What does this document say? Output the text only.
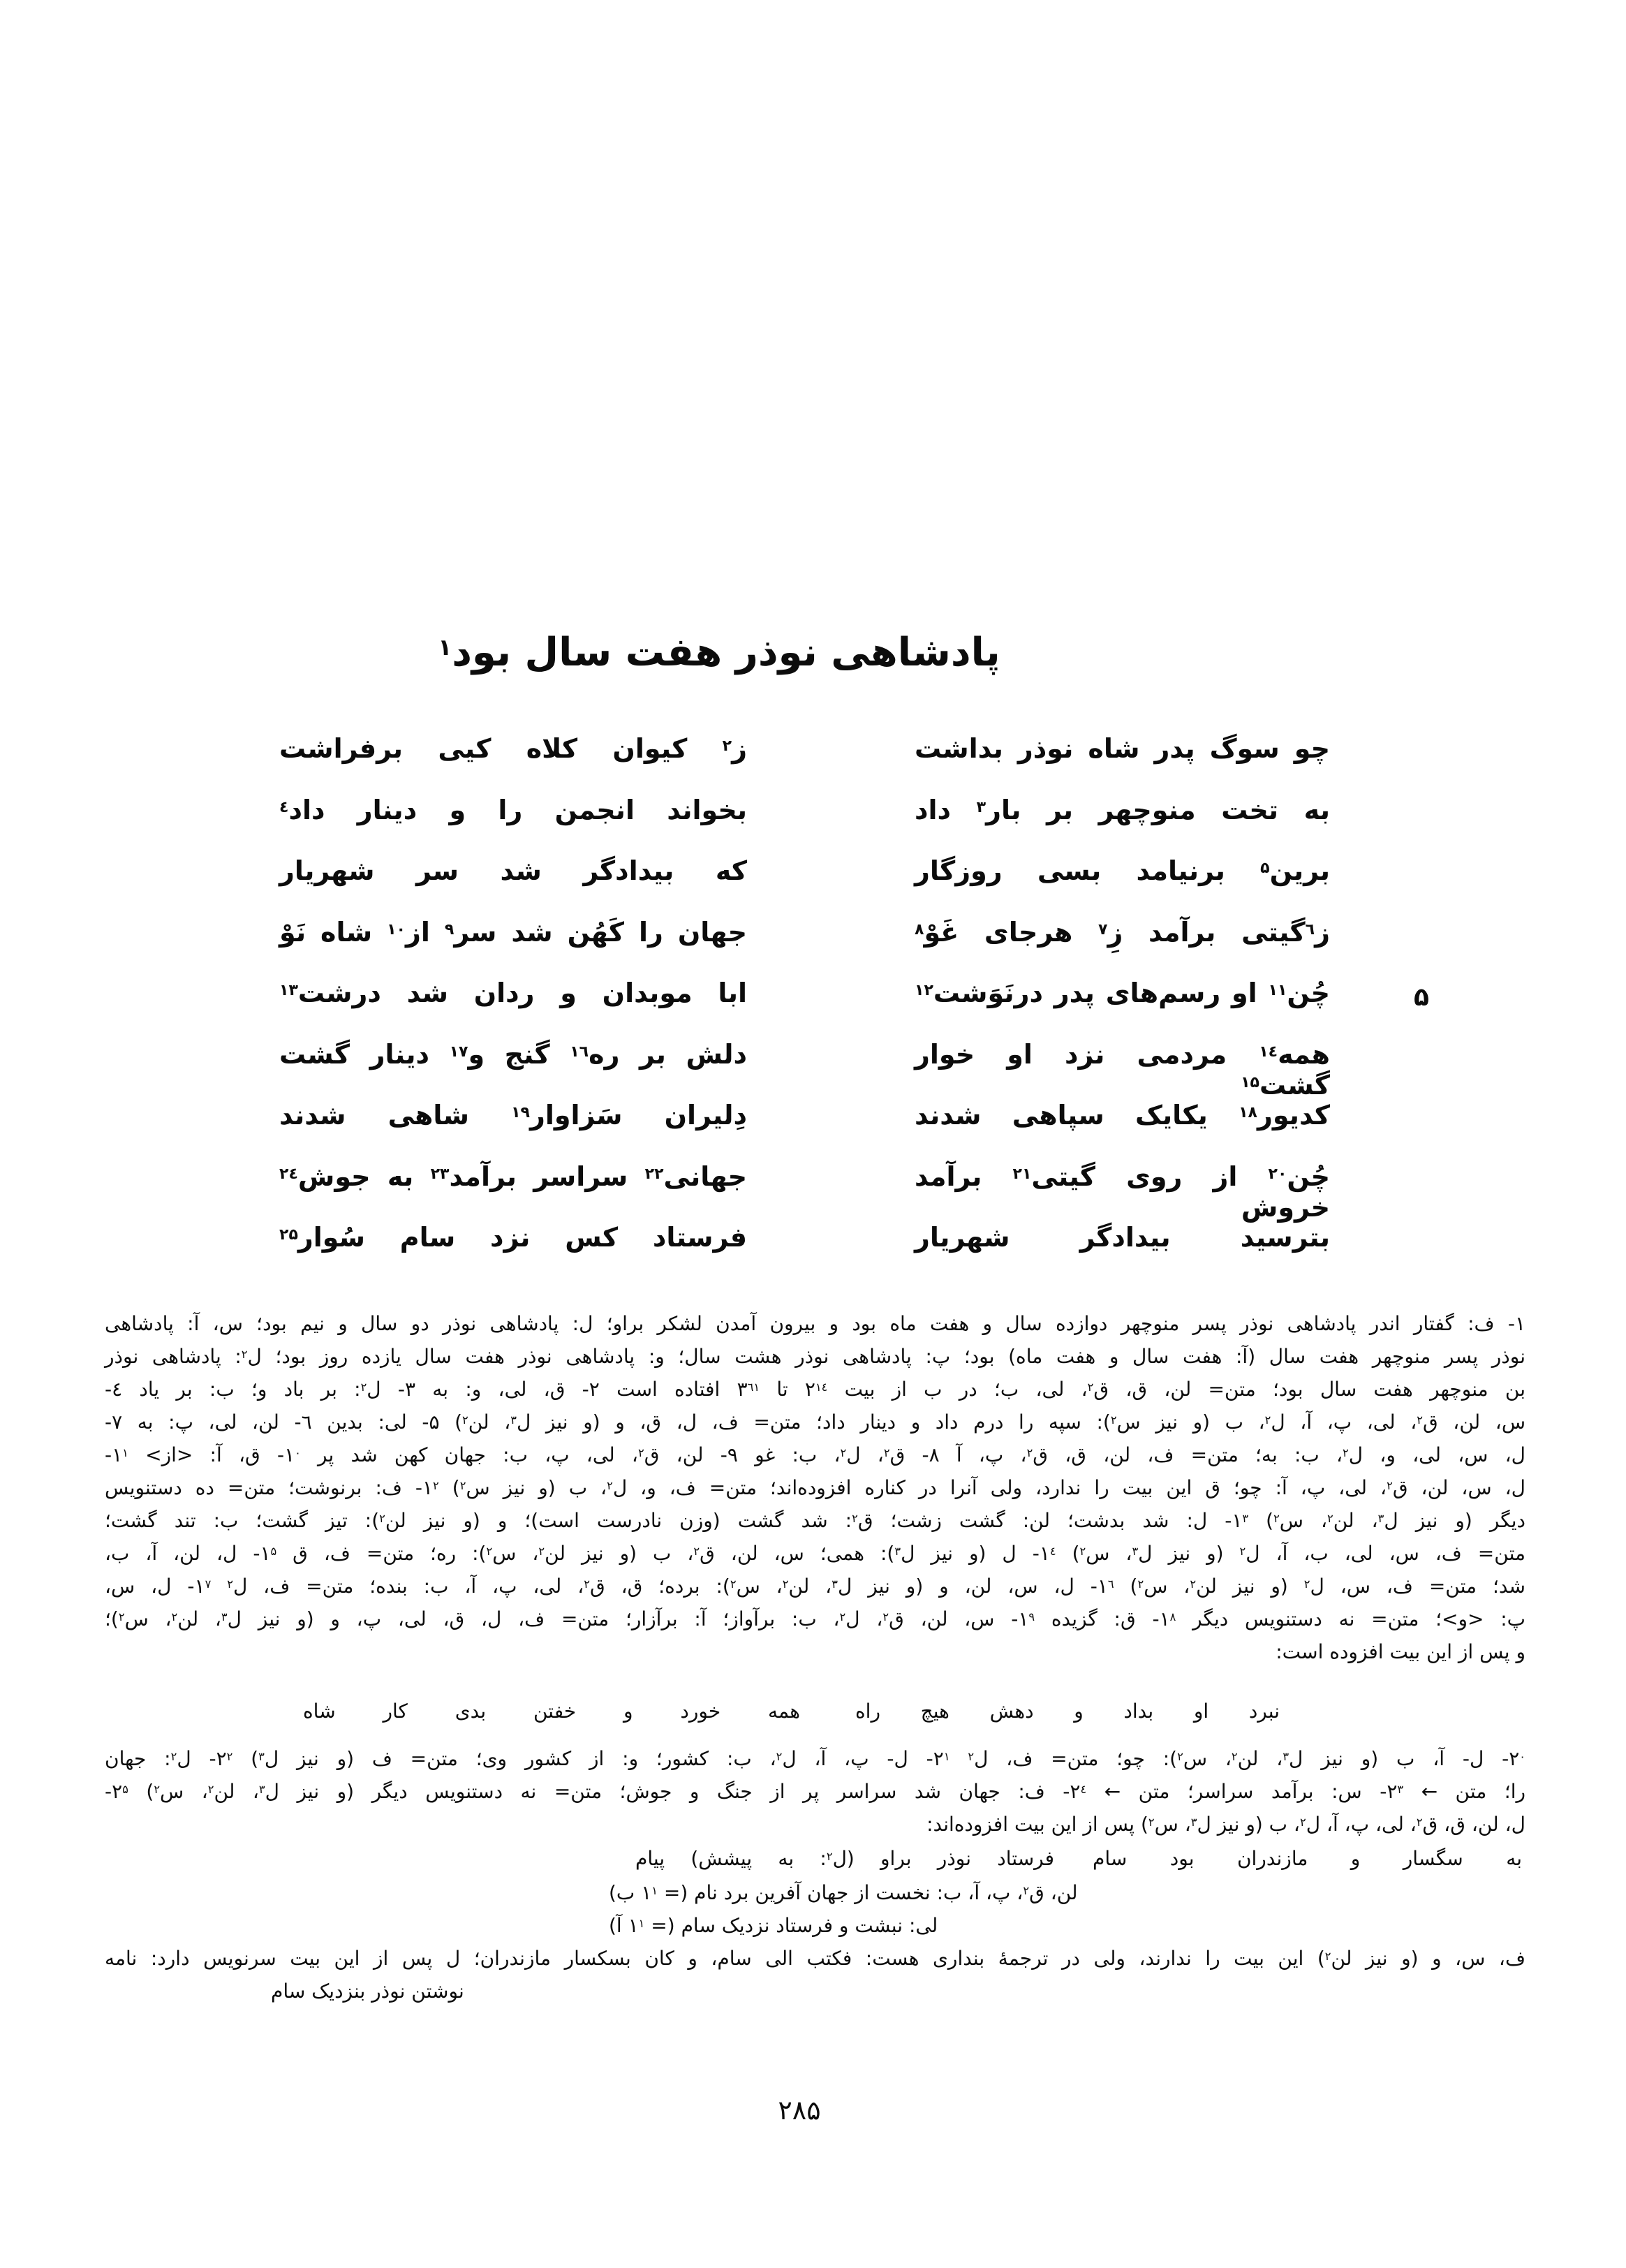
پادشاهی نوذر هفت سال بود$^۱$
۵
چو سوگ پدر شاه نوذر بداشت
ز$^۲$ کیوان کلاه کیی برفراشت
به تخت منوچهر بر بار$^۳$ داد
بخواند انجمن را و دینار داد$^٤$
برین$^۵$ برنیامد بسی روزگار
که بیدادگر شد سر شهریار
ز$^٦$گیتی برآمد زِ$^۷$ هرجای غَوْ$^۸$
جهان را کَهُن شد سر$^۹$ از$^{۱۰}$ شاه نَوْ
چُن$^{۱۱}$ او رسم‌های پدر درنَوَشت$^{۱۲}$
ابا موبدان و ردان شد درشت$^{۱۳}$
همه$^{۱٤}$ مردمی نزد او خوار گشت$^{۱۵}$
دلش بر ره$^{۱٦}$ گنج و$^{۱۷}$ دینار گشت
کدیور$^{۱۸}$ یکایک سپاهی شدند
دِلیران سَزاوار$^{۱۹}$ شاهی شدند
چُن$^{۲۰}$ از روی گیتی$^{۲۱}$ برآمد خروش
جهانی$^{۲۲}$ سراسر برآمد$^{۲۳}$ به جوش$^{۲٤}$
بترسید بیدادگر شهریار
فرستاد کس نزد سام سُوار$^{۲۵}$
۱- ف: گفتار اندر پادشاهی نوذر پسر منوچهر دوازده سال و هفت ماه بود و بیرون آمدن لشکر براو؛ ل: پادشاهی نوذر دو سال و نیم بود؛ س، آ: پادشاهی
نوذر پسر منوچهر هفت سال (آ: هفت سال و هفت ماه) بود؛ پ: پادشاهی نوذر هشت سال؛ و: پادشاهی نوذر هفت سال یازده روز بود؛ ل$^۲$: پادشاهی نوذر
بن منوچهر هفت سال بود؛ متن= لن، ق، ق$^۲$، لی، ب؛ در ب از بیت $۲^{۱٤}$ تا $۳^{٦۱}$ افتاده است ۲- ق، لی، و: به ۳- ل$^۲$: بر باد و؛ ب: بر یاد ٤-
س، لن، ق$^۲$، لی، پ، آ، ل$^۲$، ب (و نیز س$^۲$): سپه را درم داد و دینار داد؛ متن= ف، ل، ق، و (و نیز ل$^۳$، لن$^۲$) ۵- لی: بدین ٦- لن، لی، پ: به ۷-
ل، س، لی، و، ل$^۲$، ب: به؛ متن= ف، لن، ق، ق$^۲$، پ، آ ۸- ق$^۲$، ل$^۲$، ب: غو ۹- لن، ق$^۲$، لی، پ، ب: جهان کهن شد پر $۱^۰-$ ق، آ: <از> $۱^۱-$
ل، س، لن، ق$^۲$، لی، پ، آ: چو؛ ق این بیت را ندارد، ولی آنرا در کناره افزوده‌اند؛ متن= ف، و، ل$^۲$، ب (و نیز س$^۲$) $۱^۲-$ ف: برنوشت؛ متن= ده دستنویس
دیگر (و نیز ل$^۳$، لن$^۲$، س$^۲$) $۱^۳-$ ل: شد بدشت؛ لن: گشت زشت؛ ق$^۲$: شد گشت (وزن نادرست است)؛ و (و نیز لن$^۲$): تیز گشت؛ ب: تند گشت؛
متن= ف، س، لی، ب، آ، ل$^۲$ (و نیز ل$^۳$، س$^۲$) $۱^٤-$ ل (و نیز ل$^۳$): همی؛ س، لن، ق$^۲$، ب (و نیز لن$^۲$، س$^۲$): ره؛ متن= ف، ق $۱^۵-$ ل، لن، آ، ب،
شد؛ متن= ف، س، ل$^۲$ (و نیز لن$^۲$، س$^۲$) $۱^٦-$ ل، س، لن، و (و نیز ل$^۳$، لن$^۲$، س$^۲$): برده؛ ق، ق$^۲$، لی، پ، آ، ب: بنده؛ متن= ف، ل$^۲$ $۱^۷-$ ل، س،
پ: <و>؛ متن= نه دستنویس دیگر $۱^۸-$ ق: گزیده $۱^۹-$ س، لن، ق$^۲$، ل$^۲$، ب: برآواز؛ آ: برآزار؛ متن= ف، ل، ق، لی، پ، و (و نیز ل$^۳$، لن$^۲$، س$^۲$)؛
و پس از این بیت افزوده است:
نبرد او بداد و دهش هیچ راه
همه خورد و خفتن بدی کار شاه
$۲^۰-$ ل- آ، ب (و نیز ل$^۳$، لن$^۲$، س$^۲$): چو؛ متن= ف، ل$^۲$ $۲^۱-$ ل- پ، آ، ل$^۲$، ب: کشور؛ و: از کشور وی؛ متن= ف (و نیز ل$^۳$) $۲^۲-$ ل$^۲$: جهان
را؛ متن ← $۲^۳-$ س: برآمد سراسر؛ متن ← $۲^٤-$ ف: جهان شد سراسر پر از جنگ و جوش؛ متن= نه دستنویس دیگر (و نیز ل$^۳$، لن$^۲$، س$^۲$) $۲^۵-$
ل، لن، ق، ق$^۲$، لی، پ، آ، ل$^۲$، ب (و نیز ل$^۳$، س$^۲$) پس از این بیت افزوده‌اند:
به سگسار و مازندران بود سام
فرستاد نوذر براو (ل$^۲$: به پیشش) پیام
لن، ق$^۲$، پ، آ، ب: نخست از جهان آفرین برد نام (= $۱^۱$ ب)
لی: نبشت و فرستاد نزدیک سام (= $۱^۱$ آ)
ف، س، و (و نیز لن$^۲$) این بیت را ندارند، ولی در ترجمهٔ بنداری هست: فکتب الی سام، و کان بسکسار مازندران؛ ل پس از این بیت سرنویس دارد: نامه
نوشتن نوذر بنزدیک سام
۲۸۵
